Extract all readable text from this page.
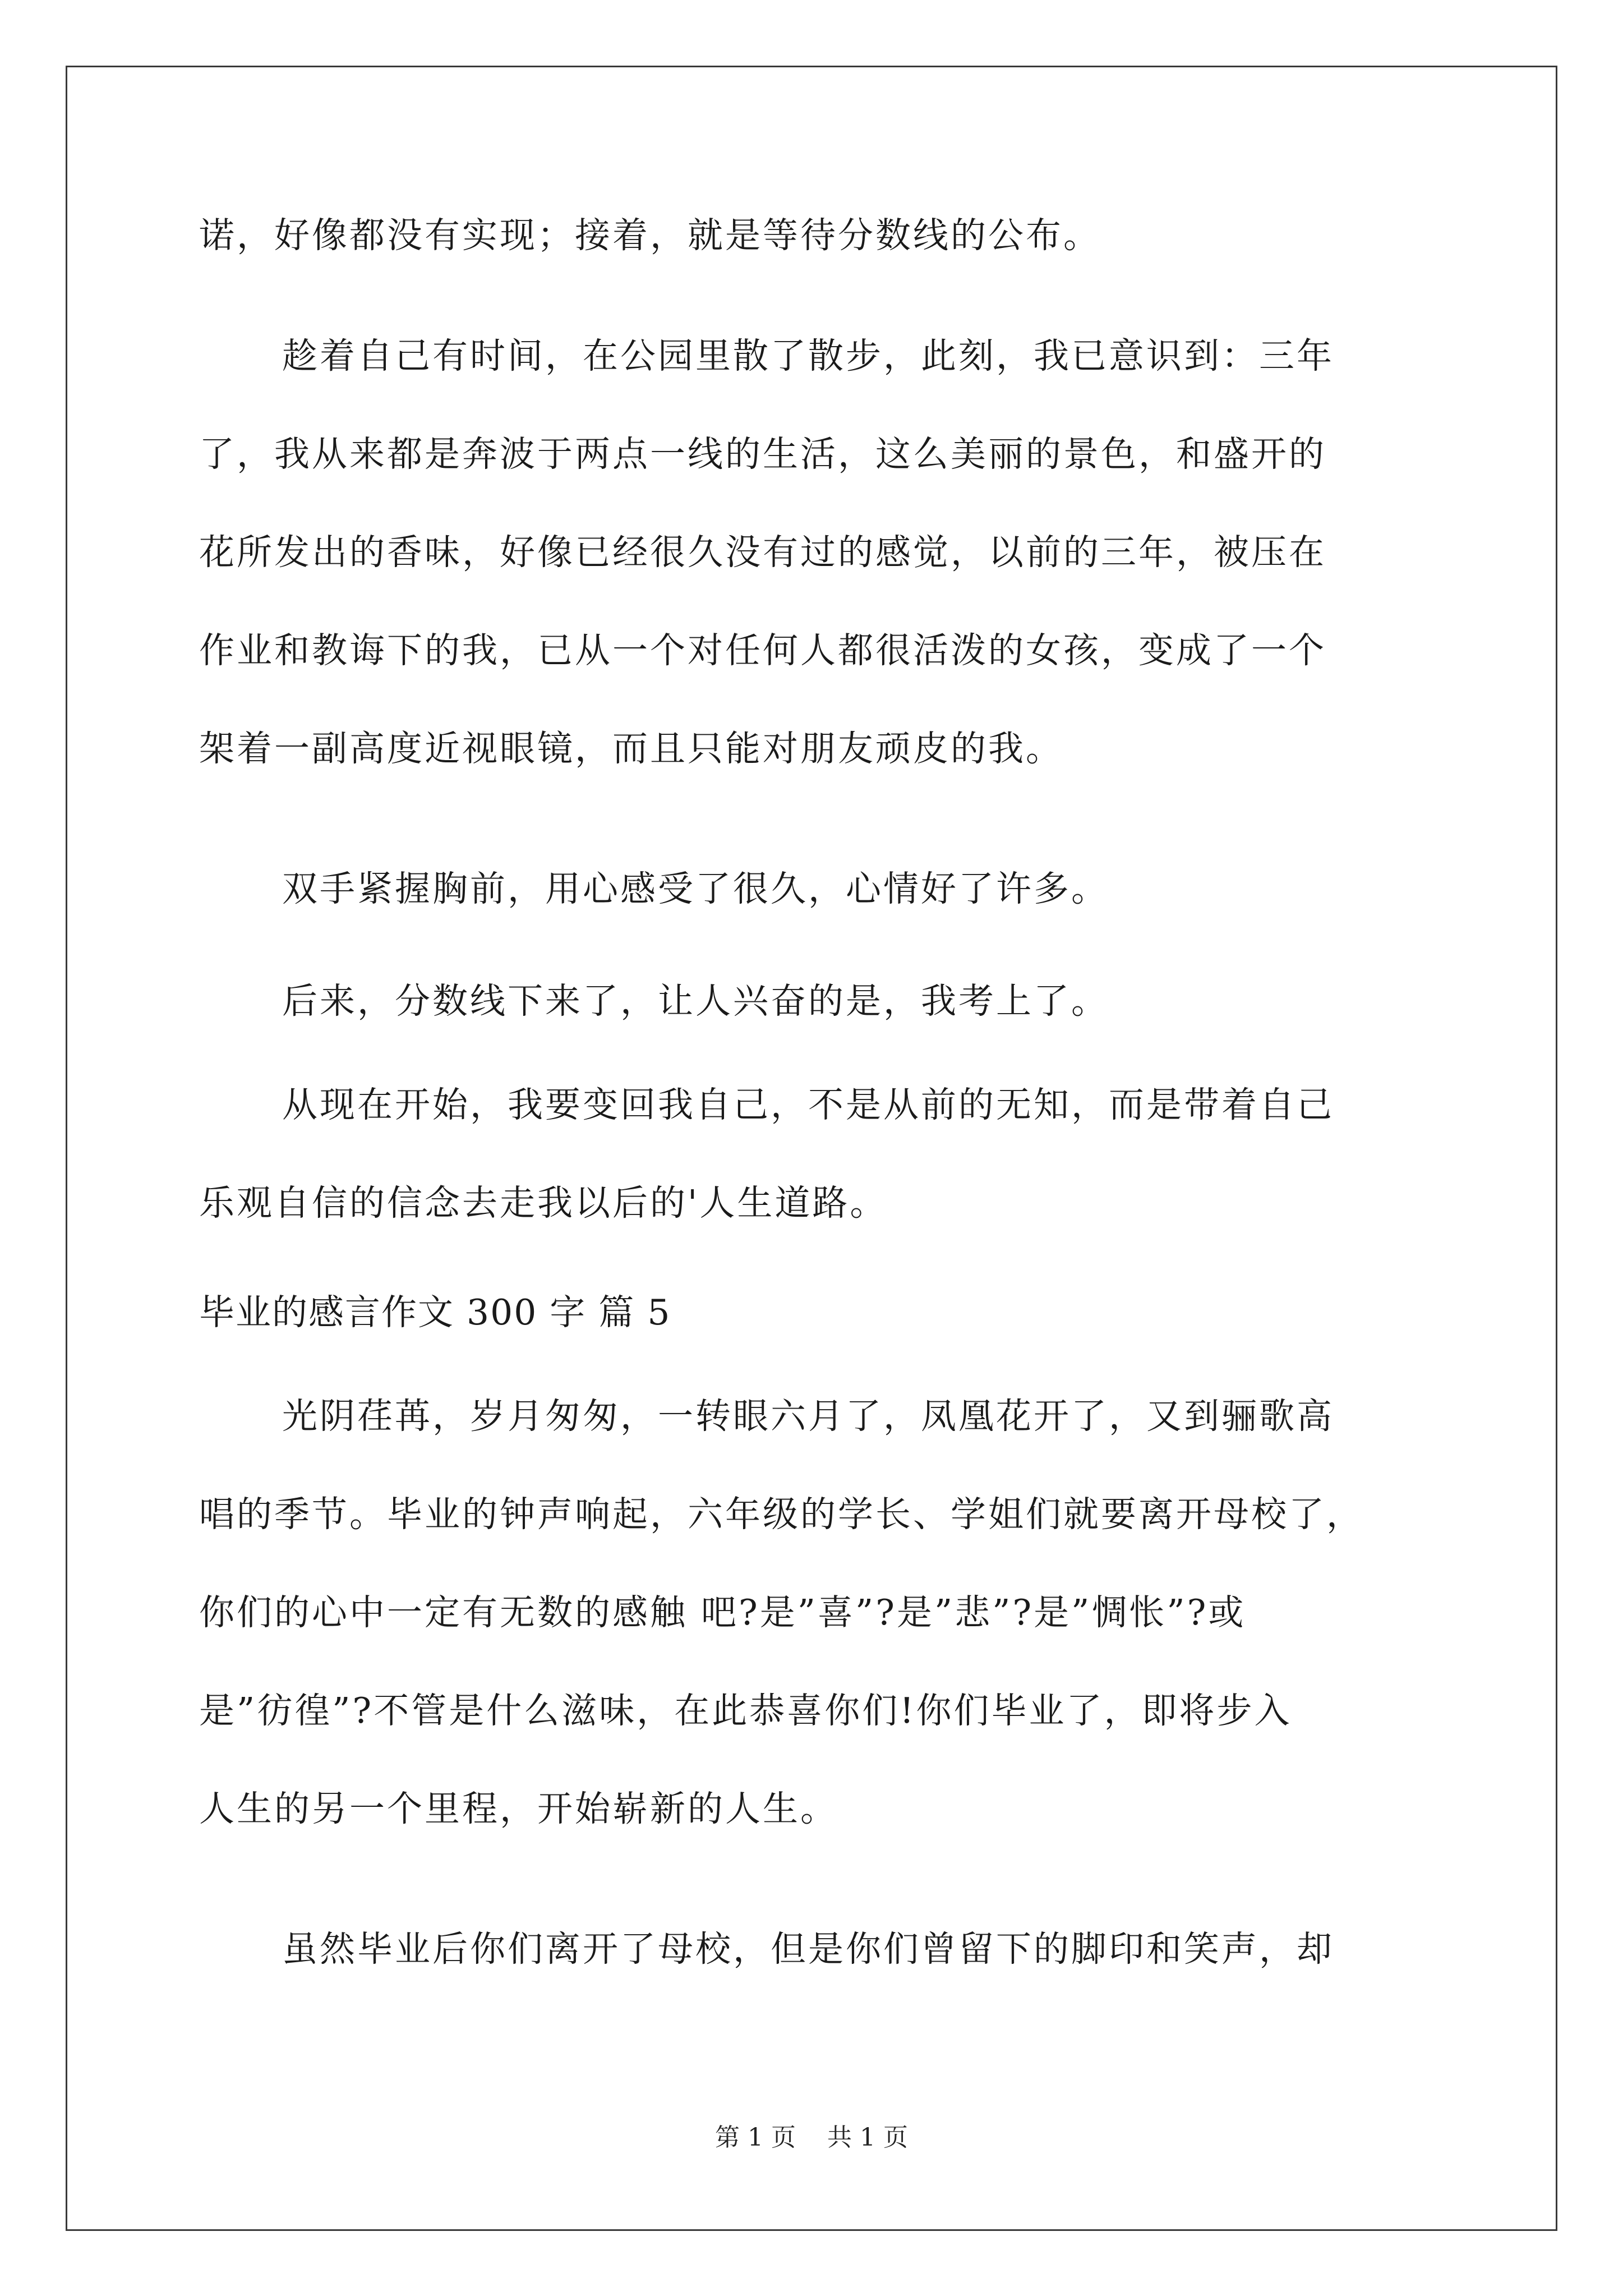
诺，好像都没有实现；接着，就是等待分数线的公布。
趁着自己有时间，在公园里散了散步，此刻，我已意识到：三年
了，我从来都是奔波于两点一线的生活，这么美丽的景色，和盛开的
花所发出的香味，好像已经很久没有过的感觉，以前的三年，被压在
作业和教诲下的我，已从一个对任何人都很活泼的女孩，变成了一个
架着一副高度近视眼镜，而且只能对朋友顽皮的我。
双手紧握胸前，用心感受了很久，心情好了许多。
后来，分数线下来了，让人兴奋的是，我考上了。
从现在开始，我要变回我自己，不是从前的无知，而是带着自己
乐观自信的信念去走我以后的'人生道路。
毕业的感言作文 300 字 篇 5
光阴荏苒，岁月匆匆，一转眼六月了，凤凰花开了，又到骊歌高
唱的季节。毕业的钟声响起，六年级的学长、学姐们就要离开母校了，
你们的心中一定有无数的感触 吧?是”喜”?是”悲”?是”惆怅”?或
是”彷徨”?不管是什么滋味，在此恭喜你们!你们毕业了，即将步入
人生的另一个里程，开始崭新的人生。
虽然毕业后你们离开了母校，但是你们曾留下的脚印和笑声，却
第 1 页 共 1 页
